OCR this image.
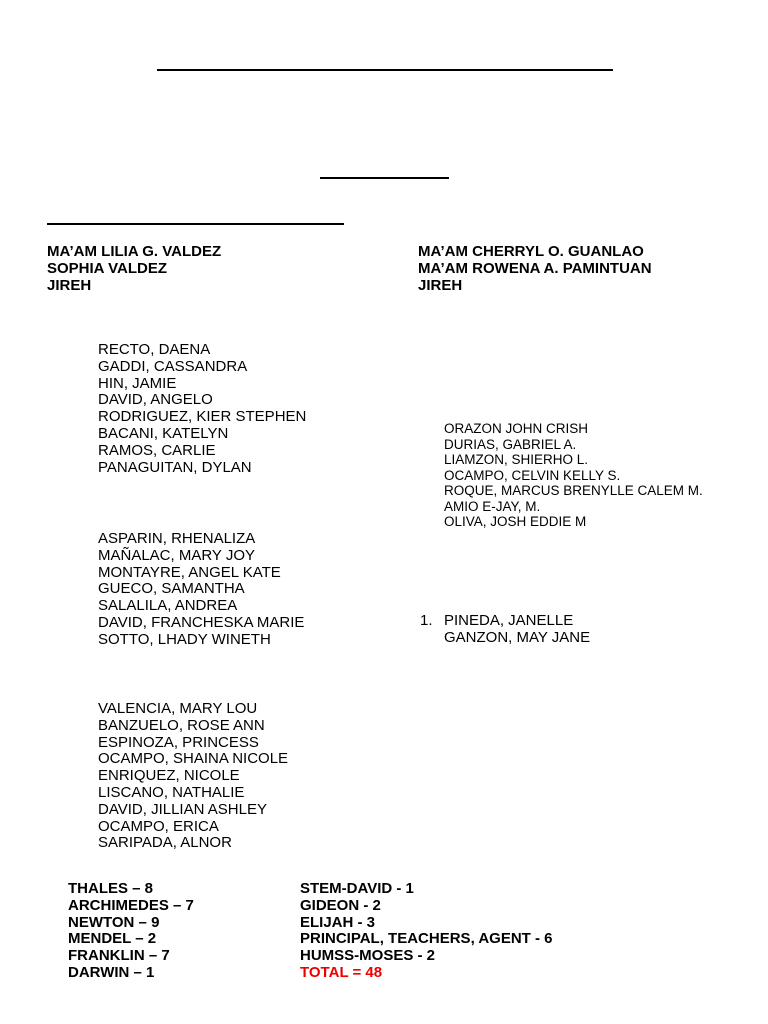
MA’AM LILIA G. VALDEZ
SOPHIA VALDEZ
JIREH
MA’AM CHERRYL O. GUANLAO
MA’AM ROWENA A. PAMINTUAN
JIREH
RECTO, DAENA
GADDI, CASSANDRA
HIN, JAMIE
DAVID, ANGELO
RODRIGUEZ, KIER STEPHEN
BACANI, KATELYN
RAMOS, CARLIE
PANAGUITAN, DYLAN
ORAZON JOHN CRISH
DURIAS, GABRIEL A.
LIAMZON, SHIERHO L.
OCAMPO, CELVIN KELLY S.
ROQUE, MARCUS BRENYLLE CALEM M.
AMIO E-JAY, M.
OLIVA, JOSH EDDIE M
ASPARIN, RHENALIZA
MAÑALAC, MARY JOY
MONTAYRE, ANGEL KATE
GUECO, SAMANTHA
SALALILA, ANDREA
DAVID, FRANCHESKA MARIE
SOTTO, LHADY WINETH
1. PINEDA, JANELLE
GANZON, MAY JANE
VALENCIA, MARY LOU
BANZUELO, ROSE ANN
ESPINOZA, PRINCESS
OCAMPO, SHAINA NICOLE
ENRIQUEZ, NICOLE
LISCANO, NATHALIE
DAVID, JILLIAN ASHLEY
OCAMPO, ERICA
SARIPADA, ALNOR
THALES – 8
ARCHIMEDES – 7
NEWTON – 9
MENDEL – 2
FRANKLIN – 7
DARWIN – 1
STEM-DAVID - 1
GIDEON - 2
ELIJAH - 3
PRINCIPAL, TEACHERS, AGENT - 6
HUMSS-MOSES - 2
TOTAL = 48
